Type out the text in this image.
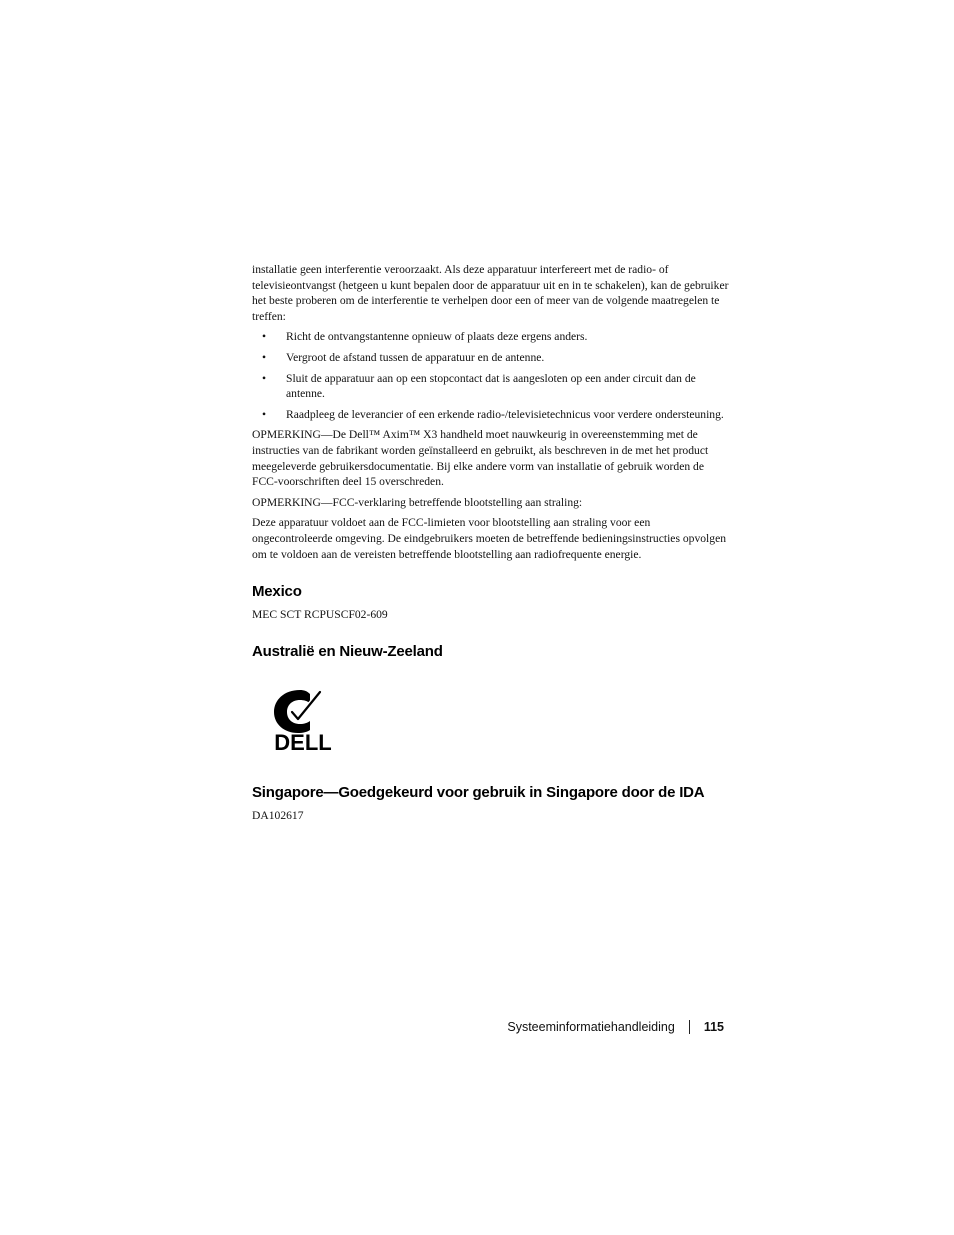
installatie geen interferentie veroorzaakt. Als deze apparatuur interfereert met de radio- of televisieontvangst (hetgeen u kunt bepalen door de apparatuur uit en in te schakelen), kan de gebruiker het beste proberen om de interferentie te verhelpen door een of meer van de volgende maatregelen te treffen:

• Richt de ontvangstantenne opnieuw of plaats deze ergens anders.
• Vergroot de afstand tussen de apparatuur en de antenne.
• Sluit de apparatuur aan op een stopcontact dat is aangesloten op een ander circuit dan de antenne.
• Raadpleeg de leverancier of een erkende radio-/televisietechnicus voor verdere ondersteuning.

OPMERKING—De Dell™ Axim™ X3 handheld moet nauwkeurig in overeenstemming met de instructies van de fabrikant worden geïnstalleerd en gebruikt, als beschreven in de met het product meegeleverde gebruikersdocumentatie. Bij elke andere vorm van installatie of gebruik worden de FCC-voorschriften deel 15 overschreden.

OPMERKING—FCC-verklaring betreffende blootstelling aan straling:

Deze apparatuur voldoet aan de FCC-limieten voor blootstelling aan straling voor een ongecontroleerde omgeving. De eindgebruikers moeten de betreffende bedieningsinstructies opvolgen om te voldoen aan de vereisten betreffende blootstelling aan radiofrequente energie.

Mexico

MEC SCT RCPUSCF02-609

Australië en Nieuw-Zeeland
DELL
Singapore—Goedgekeurd voor gebruik in Singapore door de IDA

DA102617

Systeeminformatiehandleiding 115
